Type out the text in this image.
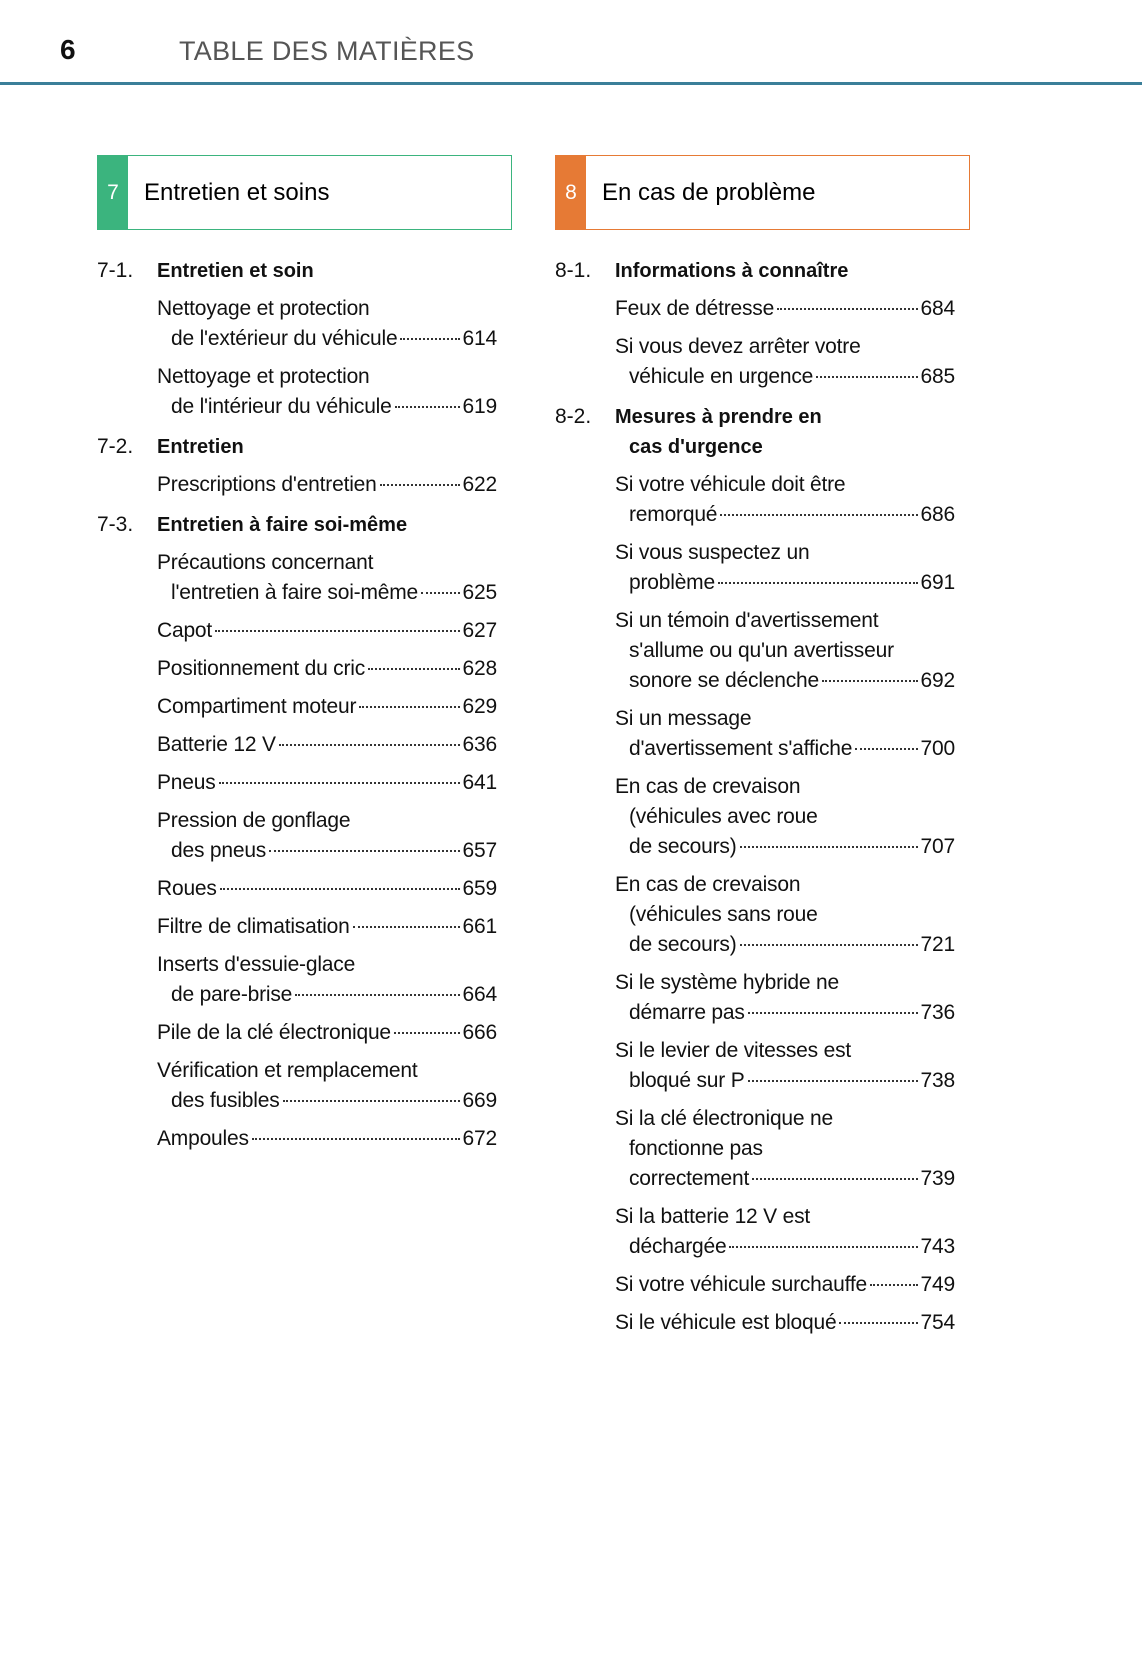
6	TABLE DES MATIÈRES
7	Entretien et soins
7-1.	Entretien et soin
Nettoyage et protection
de l'extérieur du véhicule	614
Nettoyage et protection
de l'intérieur du véhicule	619
7-2.	Entretien
Prescriptions d'entretien	622
7-3.	Entretien à faire soi-même
Précautions concernant
l'entretien à faire soi-même 625
Capot	627
Positionnement du cric	628
Compartiment moteur	629
Batterie 12 V	636
Pneus	641
Pression de gonflage
des pneus	657
Roues	659
Filtre de climatisation	661
Inserts d'essuie-glace
de pare-brise	664
Pile de la clé électronique	666
Vérification et remplacement
des fusibles	669
Ampoules	672
8	En cas de problème
8-1.	Informations à connaître
Feux de détresse	684
Si vous devez arrêter votre
véhicule en urgence	685
8-2.	Mesures à prendre en
cas d'urgence
Si votre véhicule doit être
remorqué	686
Si vous suspectez un
problème	691
Si un témoin d'avertissement
s'allume ou qu'un avertisseur
sonore se déclenche	692
Si un message
d'avertissement s'affiche	700
En cas de crevaison
(véhicules avec roue
de secours)	707
En cas de crevaison
(véhicules sans roue
de secours)	721
Si le système hybride ne
démarre pas	736
Si le levier de vitesses est
bloqué sur P	738
Si la clé électronique ne
fonctionne pas
correctement	739
Si la batterie 12 V est
déchargée	743
Si votre véhicule surchauffe	749
Si le véhicule est bloqué	754
